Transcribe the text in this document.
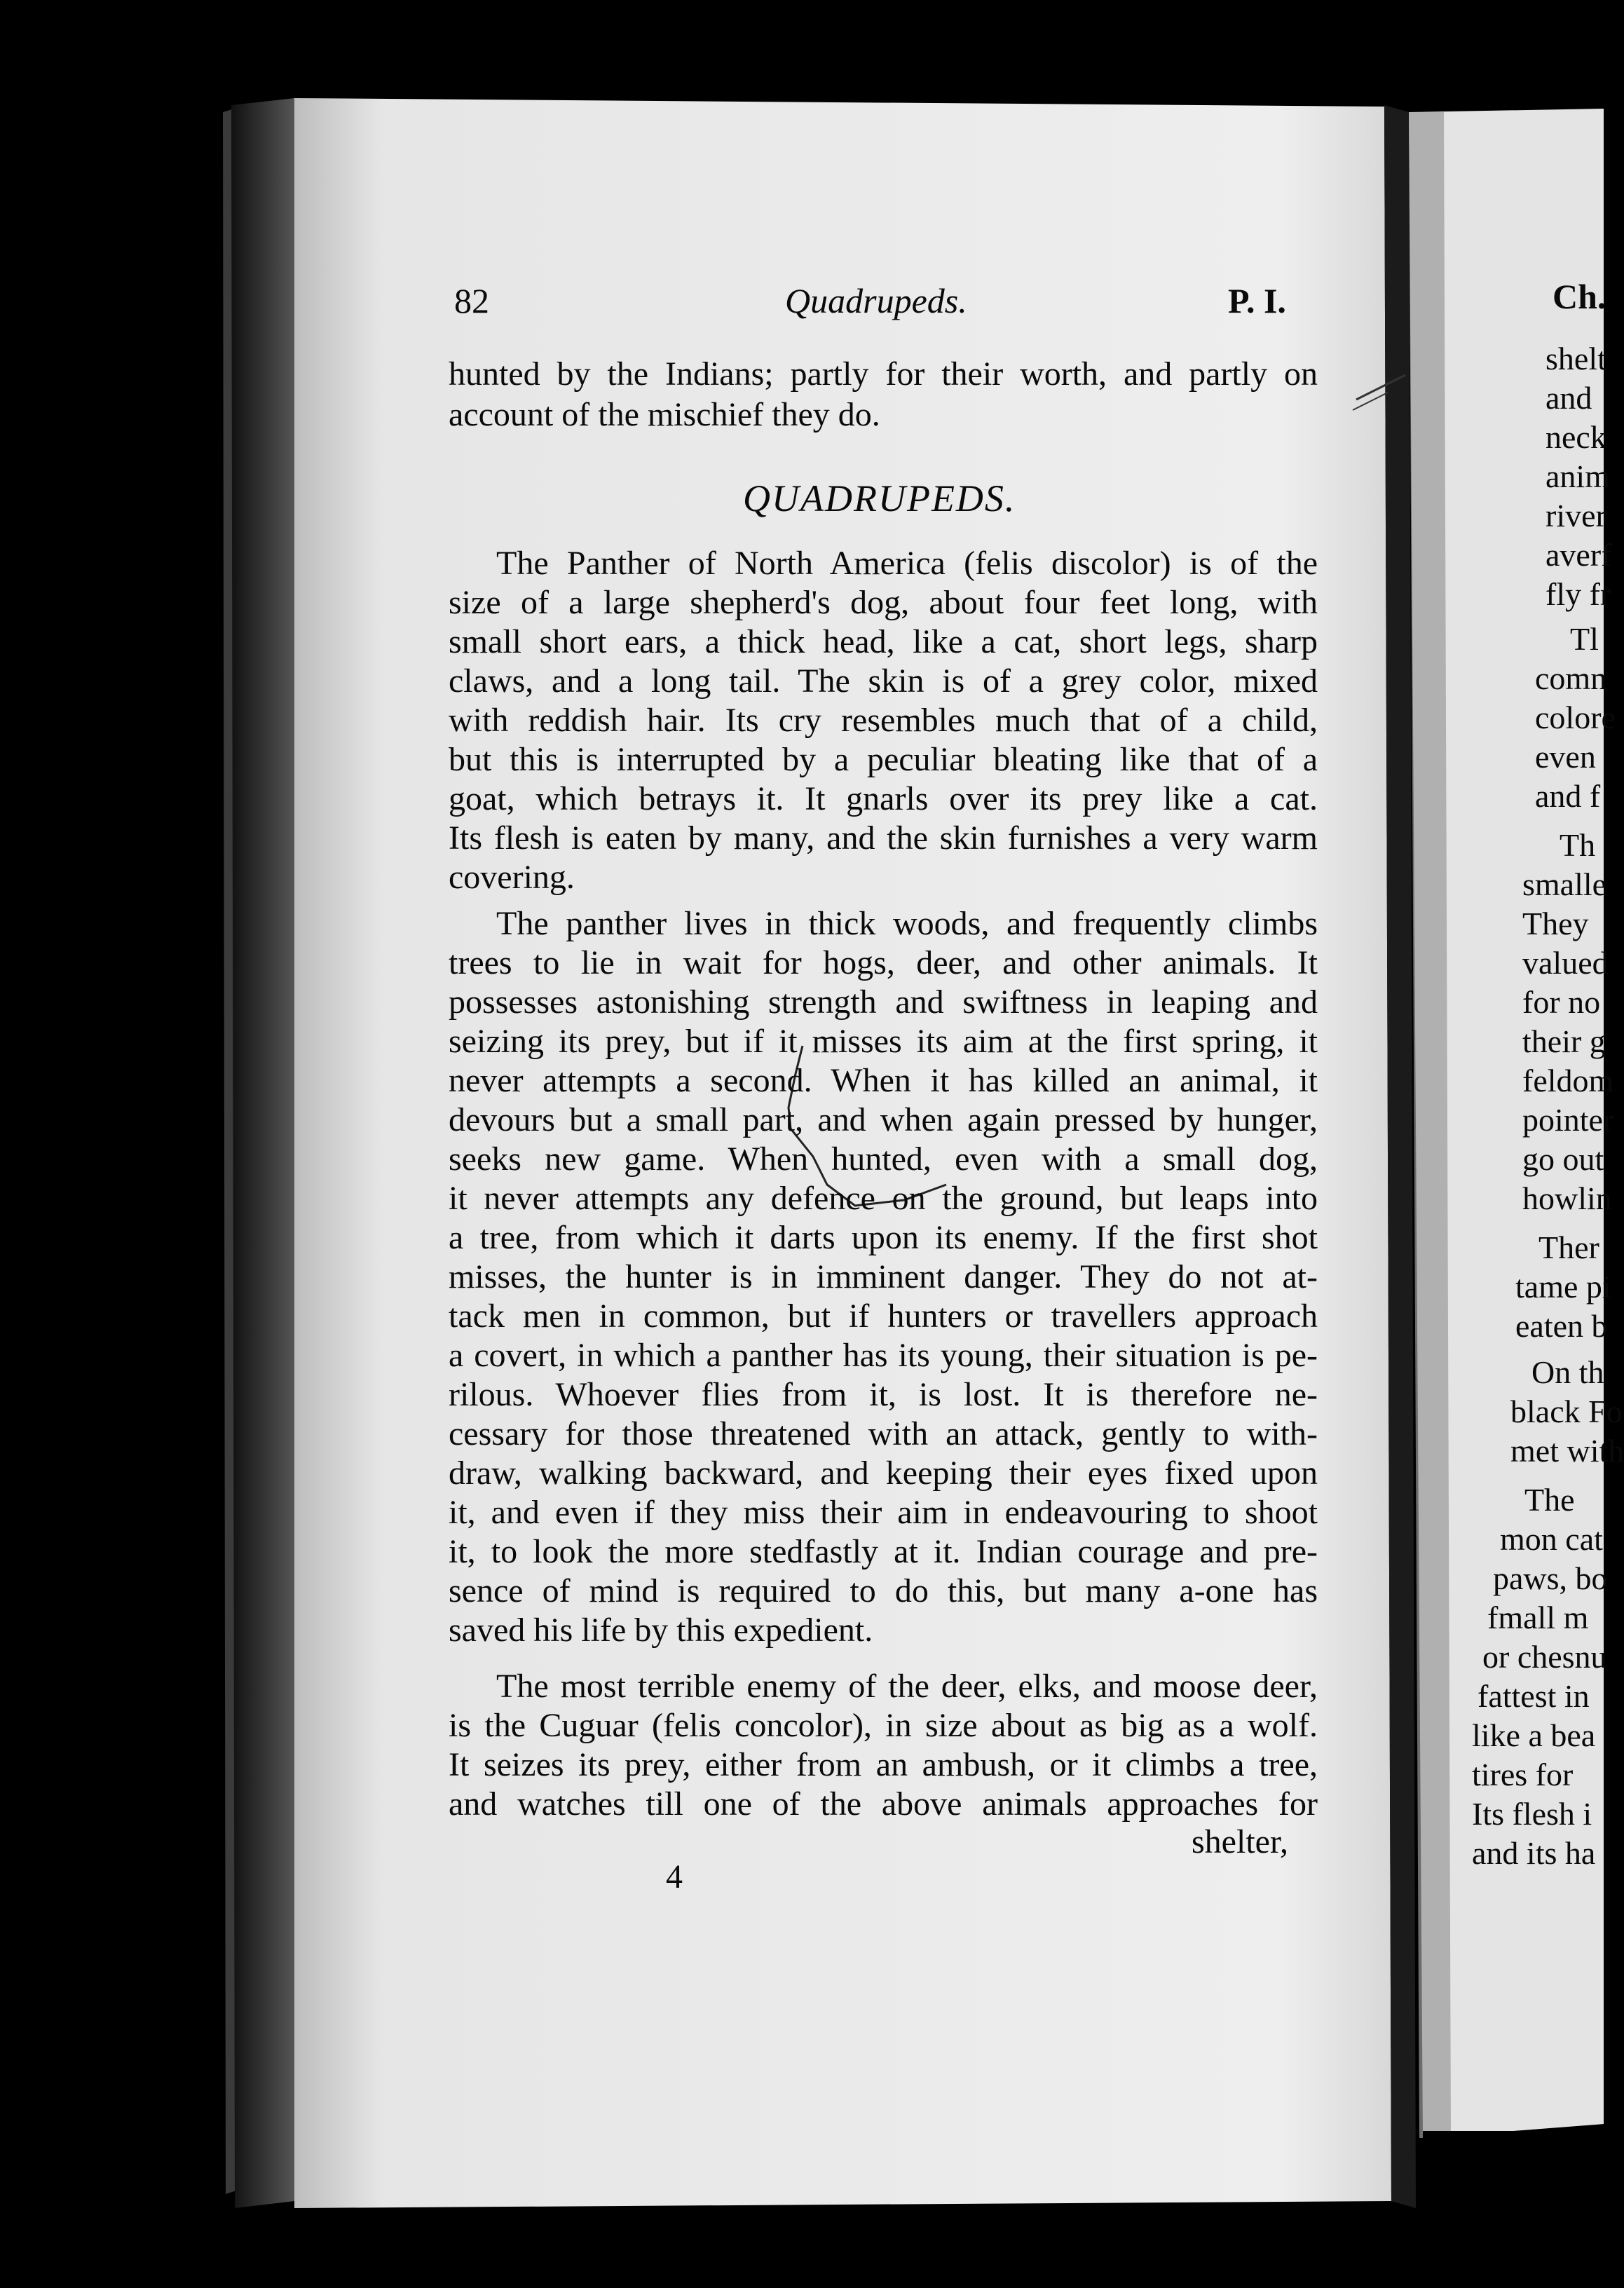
82	Quadrupeds.	P. I.
hunted by the Indians; partly for their worth, and partly on
account of the mischief they do.
QUADRUPEDS.
The Panther of North America (felis discolor) is of the
size of a large shepherd's dog, about four feet long, with
small short ears, a thick head, like a cat, short legs, sharp
claws, and a long tail. The skin is of a grey color, mixed
with reddish hair. Its cry resembles much that of a child,
but this is interrupted by a peculiar bleating like that of a
goat, which betrays it. It gnarls over its prey like a cat.
Its flesh is eaten by many, and the skin furnishes a very warm
covering.
The panther lives in thick woods, and frequently climbs
trees to lie in wait for hogs, deer, and other animals. It
possesses astonishing strength and swiftness in leaping and
seizing its prey, but if it misses its aim at the first spring, it
never attempts a second. When it has killed an animal, it
devours but a small part, and when again pressed by hunger,
seeks new game. When hunted, even with a small dog,
it never attempts any defence on the ground, but leaps into
a tree, from which it darts upon its enemy. If the first shot
misses, the hunter is in imminent danger. They do not at-
tack men in common, but if hunters or travellers approach
a covert, in which a panther has its young, their situation is pe-
rilous. Whoever flies from it, is lost. It is therefore ne-
cessary for those threatened with an attack, gently to with-
draw, walking backward, and keeping their eyes fixed upon
it, and even if they miss their aim in endeavouring to shoot
it, to look the more stedfastly at it. Indian courage and pre-
sence of mind is required to do this, but many a-one has
saved his life by this expedient.
The most terrible enemy of the deer, elks, and moose deer,
is the Cuguar (felis concolor), in size about as big as a wolf.
It seizes its prey, either from an ambush, or it climbs a tree,
and watches till one of the above animals approaches for
shelter,
4
Ch.
shelt
and
neck
anim
river
averf
fly fr
Tl
comn
colore
even
and f
Th
smalle
They
valued
for no
their g
feldom
pointer
go out
howlin
Ther
tame pi
eaten b
On th
black Fo
met with
The
mon cat
paws, bo
fmall m
or chesnu
fattest in
like a bea
tires for
Its flesh i
and its ha
